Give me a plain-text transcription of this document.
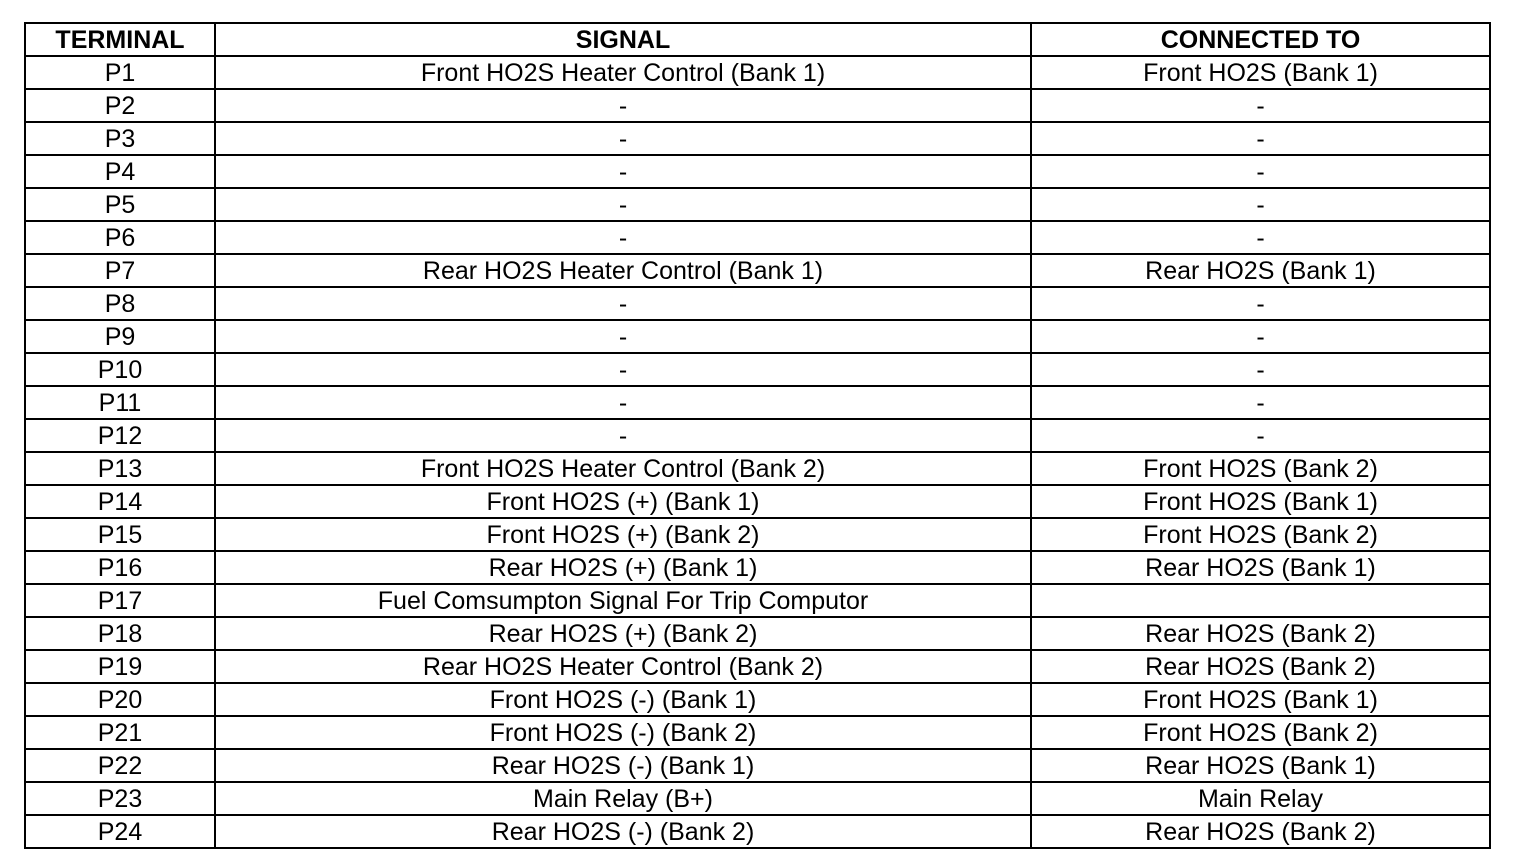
TERMINAL	SIGNAL	CONNECTED TO
P1	Front HO2S Heater Control (Bank 1)	Front HO2S (Bank 1)
P2	-	-
P3	-	-
P4	-	-
P5	-	-
P6	-	-
P7	Rear HO2S Heater Control (Bank 1)	Rear HO2S (Bank 1)
P8	-	-
P9	-	-
P10	-	-
P11	-	-
P12	-	-
P13	Front HO2S Heater Control (Bank 2)	Front HO2S (Bank 2)
P14	Front HO2S (+) (Bank 1)	Front HO2S (Bank 1)
P15	Front HO2S (+) (Bank 2)	Front HO2S (Bank 2)
P16	Rear HO2S (+) (Bank 1)	Rear HO2S (Bank 1)
P17	Fuel Comsumpton Signal For Trip Computor	
P18	Rear HO2S (+) (Bank 2)	Rear HO2S (Bank 2)
P19	Rear HO2S Heater Control (Bank 2)	Rear HO2S (Bank 2)
P20	Front HO2S (-) (Bank 1)	Front HO2S (Bank 1)
P21	Front HO2S (-) (Bank 2)	Front HO2S (Bank 2)
P22	Rear HO2S (-) (Bank 1)	Rear HO2S (Bank 1)
P23	Main Relay (B+)	Main Relay
P24	Rear HO2S (-) (Bank 2)	Rear HO2S (Bank 2)
